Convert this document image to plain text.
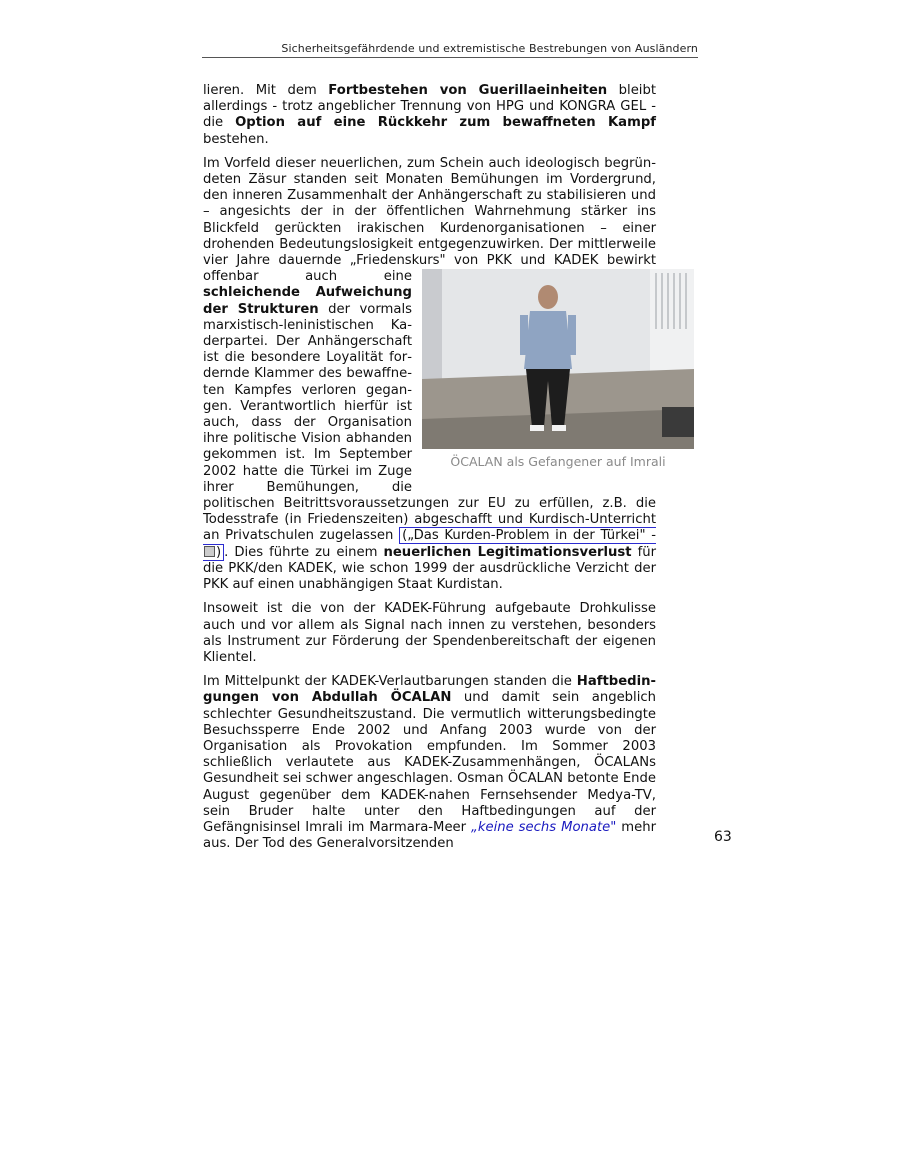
Sicherheitsgefährdende und extremistische Bestrebungen von Ausländern

lieren. Mit dem Fortbestehen von Guerillaeinheiten bleibt allerdings - trotz angeblicher Trennung von HPG und KONGRA GEL - die Option auf eine Rückkehr zum bewaffneten Kampf bestehen.

Im Vorfeld dieser neuerlichen, zum Schein auch ideologisch begründeten Zäsur standen seit Monaten Bemühungen im Vordergrund, den inneren Zusammenhalt der Anhängerschaft zu stabilisieren und – angesichts der in der öffentlichen Wahrnehmung stärker ins Blickfeld gerückten irakischen Kurdenorganisationen – einer drohenden Bedeutungslosigkeit entgegenzuwirken. Der mittlerweile vier Jahre dauernde „Friedenskurs" von PKK und KADEK bewirkt offenbar auch eine
ÖCALAN als Gefangener auf Imrali
schleichende Aufweichung der Strukturen der vormals marxistisch-leninistischen Kaderpartei. Der Anhängerschaft ist die besondere Loyalität fordernde Klammer des bewaffneten Kampfes verloren gegangen. Verantwortlich hierfür ist auch, dass der Organisation ihre politische Vision abhanden gekommen ist. Im September 2002 hatte die Türkei im Zuge ihrer Bemühungen, die politischen Beitrittsvoraussetzungen zur EU zu erfüllen, z.B. die Todesstrafe (in Friedenszeiten) abgeschafft und Kurdisch-Unterricht an Privatschulen zugelassen („Das Kurden-Problem in der Türkei" - ) . Dies führte zu einem neuerlichen Legitimationsverlust für die PKK/den KADEK, wie schon 1999 der ausdrückliche Verzicht der PKK auf einen unabhängigen Staat Kurdistan.

Insoweit ist die von der KADEK-Führung aufgebaute Drohkulisse auch und vor allem als Signal nach innen zu verstehen, besonders als Instrument zur Förderung der Spendenbereitschaft der eigenen Klientel.

Im Mittelpunkt der KADEK-Verlautbarungen standen die Haftbedingungen von Abdullah ÖCALAN und damit sein angeblich schlechter Gesundheitszustand. Die vermutlich witterungsbedingte Besuchssperre Ende 2002 und Anfang 2003 wurde von der Organisation als Provokation empfunden. Im Sommer 2003 schließlich verlautete aus KADEK-Zusammenhängen, ÖCALANs Gesundheit sei schwer angeschlagen. Osman ÖCALAN betonte Ende August gegenüber dem KADEK-nahen Fernsehsender Medya-TV, sein Bruder halte unter den Haftbedingungen auf der Gefängnisinsel Imrali im Marmara-Meer „keine sechs Monate" mehr aus. Der Tod des Generalvorsitzenden	63
